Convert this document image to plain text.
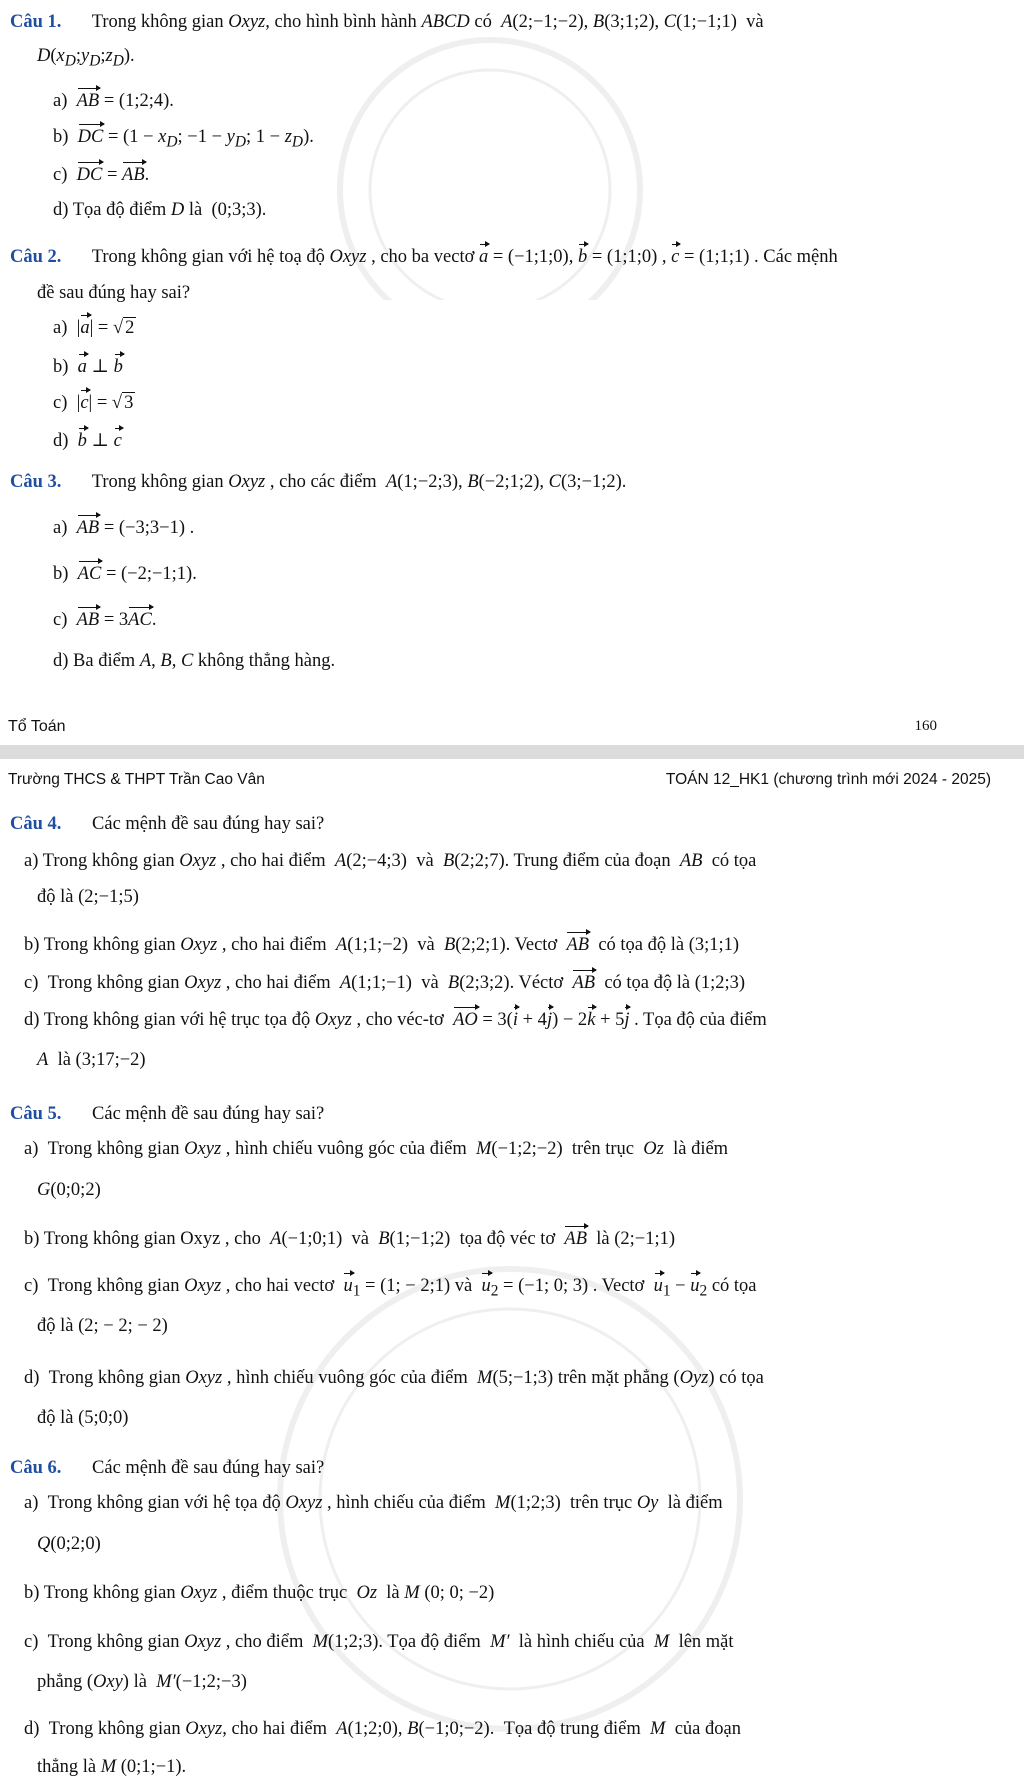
Câu 1. Trong không gian Oxyz, cho hình bình hành ABCD có  A(2;−1;−2), B(3;1;2), C(1;−1;1)  và
$D(x_D;y_D;z_D)$.
a)  AB = (1;2;4).
b)  DC = ($1 - x_D$; $-1 - y_D$; $1 - z_D$).
c)  DC = AB.
d) Tọa độ điểm D là  (0;3;3).
Câu 2. Trong không gian với hệ toạ độ Oxyz , cho ba vectơ a = (−1;1;0), b = (1;1;0) , c = (1;1;1) . Các mệnh
đề sau đúng hay sai?
a)  |a| = √ 2
b)  a ⊥ b
c)  |c| = √ 3
d)  b ⊥ c
Câu 3. Trong không gian Oxyz , cho các điểm  A(1;−2;3), B(−2;1;2), C(3;−1;2).
a)  AB = (−3;3−1) .
b)  AC = (−2;−1;1).
c)  AB = 3AC.
d) Ba điểm A, B, C không thẳng hàng.
Tổ Toán	160
Trường THCS & THPT Trần Cao Vân	TOÁN 12_HK1 (chương trình mới 2024 - 2025)
Câu 4. Các mệnh đề sau đúng hay sai?
a) Trong không gian Oxyz , cho hai điểm  A(2;−4;3)  và  B(2;2;7). Trung điểm của đoạn  AB  có tọa
độ là (2;−1;5)
b) Trong không gian Oxyz , cho hai điểm  A(1;1;−2)  và  B(2;2;1). Vectơ  AB  có tọa độ là (3;1;1)
c)  Trong không gian Oxyz , cho hai điểm  A(1;1;−1)  và  B(2;3;2). Véctơ  AB  có tọa độ là (1;2;3)
d) Trong không gian với hệ trục tọa độ Oxyz , cho véc-tơ  AO = 3(i + 4j) − 2k + 5j . Tọa độ của điểm
A  là (3;17;−2)
Câu 5. Các mệnh đề sau đúng hay sai?
a)  Trong không gian Oxyz , hình chiếu vuông góc của điểm  M(−1;2;−2)  trên trục  Oz  là điểm
G(0;0;2)
b) Trong không gian Oxyz , cho  A(−1;0;1)  và  B(1;−1;2)  tọa độ véc tơ  AB  là (2;−1;1)
c)  Trong không gian Oxyz , cho hai vectơ  $u_1 = (1$; − 2;1) và  $u_2 = (-1$; 0; 3) . Vectơ  $u_1 - u_2$ có tọa
độ là (2; − 2; − 2)
d)  Trong không gian Oxyz , hình chiếu vuông góc của điểm  M(5;−1;3) trên mặt phẳng (Oyz) có tọa
độ là (5;0;0)
Câu 6. Các mệnh đề sau đúng hay sai?
a)  Trong không gian với hệ tọa độ Oxyz , hình chiếu của điểm  M(1;2;3)  trên trục Oy  là điểm
Q(0;2;0)
b) Trong không gian Oxyz , điểm thuộc trục  Oz  là M (0; 0; −2)
c)  Trong không gian Oxyz , cho điểm  M(1;2;3). Tọa độ điểm  M′  là hình chiếu của  M  lên mặt
phẳng (Oxy) là  M′(−1;2;−3)
d)  Trong không gian Oxyz, cho hai điểm  A(1;2;0), B(−1;0;−2).  Tọa độ trung điểm  M  của đoạn
thẳng là M (0;1;−1).
